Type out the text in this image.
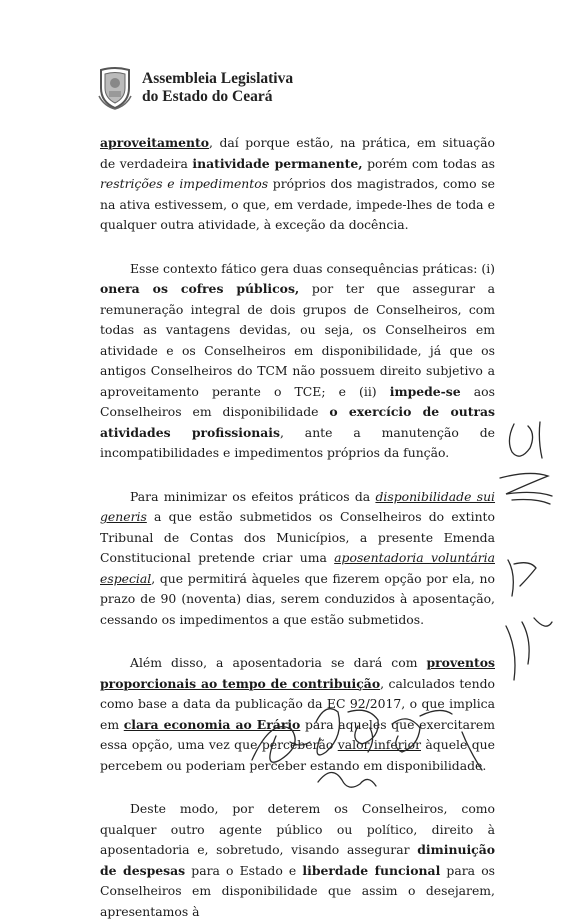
Assembleia Legislativa
do Estado do Ceará

aproveitamento, daí porque estão, na prática, em situação de verdadeira inatividade permanente, porém com todas as restrições e impedimentos próprios dos magistrados, como se na ativa estivessem, o que, em verdade, impede-lhes de toda e qualquer outra atividade, à exceção da docência.

Esse contexto fático gera duas consequências práticas: (i) onera os cofres públicos, por ter que assegurar a remuneração integral de dois grupos de Conselheiros, com todas as vantagens devidas, ou seja, os Conselheiros em atividade e os Conselheiros em disponibilidade, já que os antigos Conselheiros do TCM não possuem direito subjetivo a aproveitamento perante o TCE; e (ii) impede-se aos Conselheiros em disponibilidade o exercício de outras atividades profissionais, ante a manutenção de incompatibilidades e impedimentos próprios da função.

Para minimizar os efeitos práticos da disponibilidade sui generis a que estão submetidos os Conselheiros do extinto Tribunal de Contas dos Municípios, a presente Emenda Constitucional pretende criar uma aposentadoria voluntária especial, que permitirá àqueles que fizerem opção por ela, no prazo de 90 (noventa) dias, serem conduzidos à aposentação, cessando os impedimentos a que estão submetidos.

Além disso, a aposentadoria se dará com proventos proporcionais ao tempo de contribuição, calculados tendo como base a data da publicação da EC 92/2017, o que implica em clara economia ao Erário para aqueles que exercitarem essa opção, uma vez que perceberão valor inferior àquele que percebem ou poderiam perceber estando em disponibilidade.

Deste modo, por deterem os Conselheiros, como qualquer outro agente público ou político, direito à aposentadoria e, sobretudo, visando assegurar diminuição de despesas para o Estado e liberdade funcional para os Conselheiros em disponibilidade que assim o desejarem, apresentamos à
